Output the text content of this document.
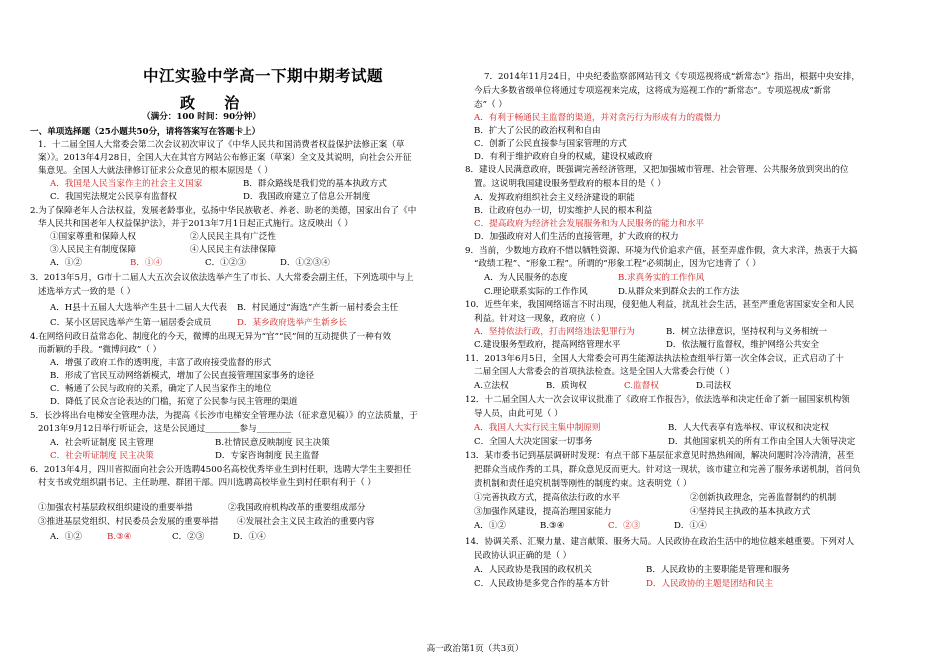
中江实验中学高一下期中期考试题
政 治
（满分：100 时间：90分钟）
一、单项选择题（25小题共50分，请将答案写在答题卡上）
1．十二届全国人大常委会第二次会议初次审议了《中华人民共和国消费者权益保护法修正案（草
案）》。2013年4月28日，全国人大在其官方网站公布修正案（草案）全文及其说明，向社会公开征
集意见。全国人大就法律修订征求公众意见的根本原因是（ ）
A．我国是人民当家作主的社会主义国家	B．群众路线是我们党的基本执政方式
C．我国宪法规定公民享有监督权	D．我国政府建立了信息公开制度
2.为了保障老年人合法权益，发展老龄事业，弘扬中华民族敬老、养老、助老的美德，国家出台了《中
华人民共和国老年人权益保护法》，并于2013年7月1日起正式施行。这反映出（ ）
①国家尊重和保障人权	②人民民主具有广泛性
③人民民主有制度保障	④人民民主有法律保障
A．①②	B．①④	C．①②③	D．①②③④
3．2013年5月，G市十二届人大五次会议依法选举产生了市长、人大常委会副主任，下列选项中与上
述选举方式一致的是（ ）
A．H县十五届人大选举产生县十二届人大代表 B．村民通过“海选”产生新一届村委会主任
C．某小区居民选举产生第一届居委会成员	D．某乡政府选举产生新乡长
4.在网络问政日益常态化、制度化的今天，微博的出现无异为“官”“民”间的互动提供了一种有效
而新颖的手段。“微博问政”（ ）
A．增强了政府工作的透明度，丰富了政府接受监督的形式
B．形成了官民互动网络新模式，增加了公民直接管理国家事务的途径
C．畅通了公民与政府的关系，确定了人民当家作主的地位
D．降低了民众言论表达的门槛，拓宽了公民参与民主管理的渠道
5．长沙将出台电梯安全管理办法，为提高《长沙市电梯安全管理办法（征求意见稿）》的立法质量，于
2013年9月12日举行听证会，这是公民通过________参与________
A．社会听证制度 民主管理	B.社情民意反映制度 民主决策
C．社会听证制度 民主决策	D．专家咨询制度 民主监督
6．2013年4月，四川省拟面向社会公开选聘4500名高校优秀毕业生到村任职，选聘大学生主要担任
村支书或党组织副书记、主任助理、群团干部。四川选聘高校毕业生到村任职有利于（ ）
①加强农村基层政权组织建设的重要举措	②我国政府机构改革的重要组成部分
③推进基层党组织、村民委员会发展的重要举措 ④发展社会主义民主政治的重要内容
A．①②	B.③④	C．②③	D．①④
7．2014年11月24日，中央纪委监察部网站刊文《专项巡视将成“新常态”》指出，根据中央安排，
今后大多数省级单位将通过专项巡视来完成，这将成为巡视工作的“新常态”。专项巡视成“新常
态”（ ）
A．有利于畅通民主监督的渠道，并对贪污行为形成有力的震慑力
B．扩大了公民的政治权利和自由
C．创新了公民直接参与国家管理的方式
D．有利于维护政府自身的权威，建设权威政府
8．建设人民满意政府，既强调完善经济管理，又把加强城市管理、社会管理、公共服务放到突出的位
置。这说明我国建设服务型政府的根本目的是（ ）
A．发挥政府组织社会主义经济建设的职能
B．让政府包办一切，切实维护人民的根本利益
C．提高政府为经济社会发展服务和为人民服务的能力和水平
D．加强政府对人们生活的直接管理，扩大政府的权力
9．当前，少数地方政府不惜以牺牲资源、环境为代价追求产值，甚至弄虚作假，贪大求洋，热衷于大搞
“政绩工程”、“形象工程”。所谓的“形象工程”必须制止，因为它违背了（ ）
A．为人民服务的态度	B.求真务实的工作作风
C.理论联系实际的工作作风	D.从群众来到群众去的工作方法
10．近些年来，我国网络谣言不时出现，侵犯他人利益，扰乱社会生活，甚至严重危害国家安全和人民
利益。针对这一现象，政府应（ ）
A．坚持依法行政，打击网络违法犯罪行为	B．树立法律意识，坚持权利与义务相统一
C.建设服务型政府，提高网络管理水平	D．依法履行监督权，维护网络公共安全
11．2013年6月5日，全国人大常委会可再生能源法执法检查组举行第一次全体会议，正式启动了十
二届全国人大常委会的首项执法检查。这是全国人大常委会行使（ ）
A.立法权	B．质询权	C.监督权	D.司法权
12．十二届全国人大一次会议审议批准了《政府工作报告》，依法选举和决定任命了新一届国家机构领
导人员，由此可见（ ）
A．我国人大实行民主集中制原则	B．人大代表享有选举权、审议权和决定权
C．全国人大决定国家一切事务	D．其他国家机关的所有工作由全国人大领导决定
13．某市委书记到基层调研时发现：有点干部下基层征求意见时热热闹闹，解决问题时冷冷清清，甚至
把群众当成作秀的工具，群众意见反而更大。针对这一现状，该市建立和完善了服务承诺机制，首问负
责机制和责任追究机制等刚性的制度约束。这表明党（ ）
①完善执政方式，提高依法行政的水平	②创新执政理念，完善监督制约的机制
③加强作风建设，提高治理国家能力	④坚持民主执政的基本执政方式
A．①②	B.③④	C．②③	D．①④
14．协调关系、汇聚力量、建言献策、服务大局。人民政协在政治生活中的地位越来越重要。下列对人
民政协认识正确的是（ ）
A．人民政协是我国的政权机关	B．人民政协的主要职能是管理和服务
C．人民政协是多党合作的基本方针	D．人民政协的主题是团结和民主
高一政治第1页（共3页）
